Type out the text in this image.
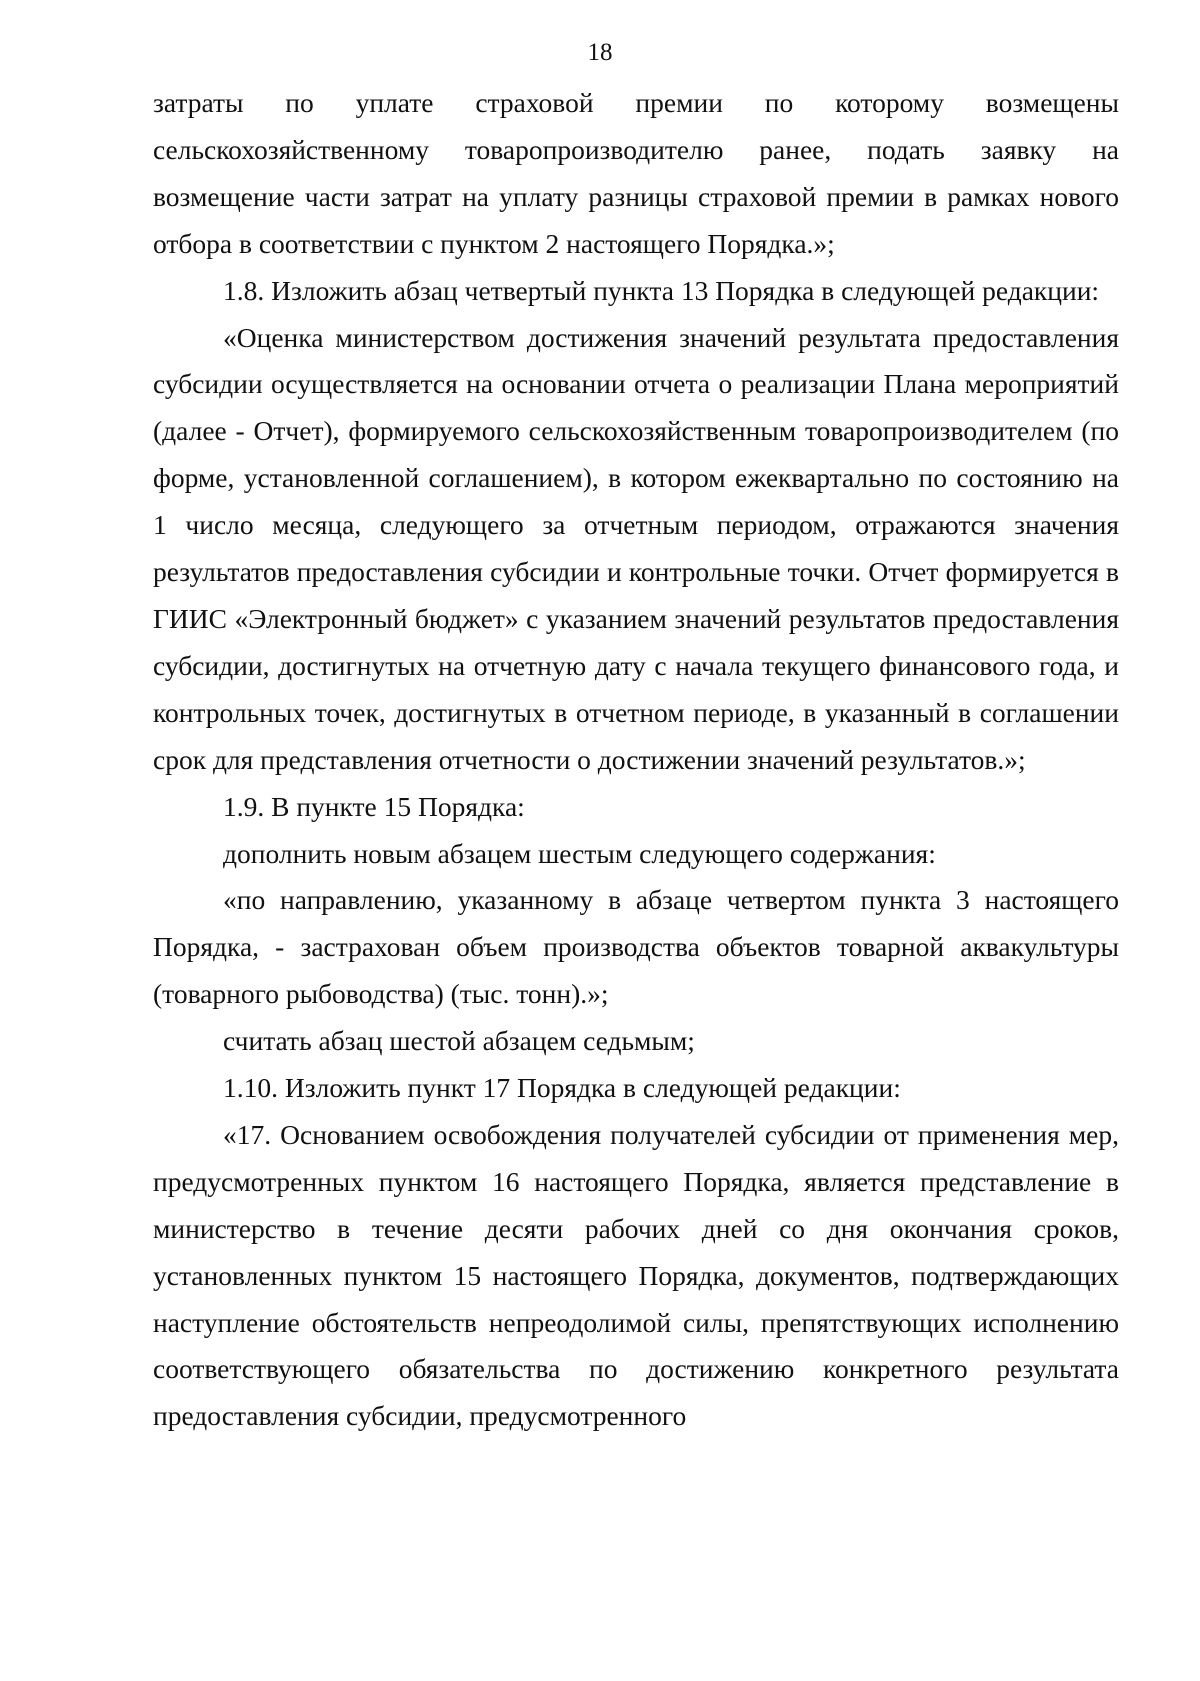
18

затраты по уплате страховой премии по которому возмещены сельскохозяйственному товаропроизводителю ранее, подать заявку на возмещение части затрат на уплату разницы страховой премии в рамках нового отбора в соответствии с пунктом 2 настоящего Порядка.»;

1.8. Изложить абзац четвертый пункта 13 Порядка в следующей редакции:

«Оценка министерством достижения значений результата предоставления субсидии осуществляется на основании отчета о реализации Плана мероприятий (далее - Отчет), формируемого сельскохозяйственным товаропроизводителем (по форме, установленной соглашением), в котором ежеквартально по состоянию на 1 число месяца, следующего за отчетным периодом, отражаются значения результатов предоставления субсидии и контрольные точки. Отчет формируется в ГИИС «Электронный бюджет» с указанием значений результатов предоставления субсидии, достигнутых на отчетную дату с начала текущего финансового года, и контрольных точек, достигнутых в отчетном периоде, в указанный в соглашении срок для представления отчетности о достижении значений результатов.»;

1.9. В пункте 15 Порядка:

дополнить новым абзацем шестым следующего содержания:

«по направлению, указанному в абзаце четвертом пункта 3 настоящего Порядка, - застрахован объем производства объектов товарной аквакультуры (товарного рыбоводства) (тыс. тонн).»;

считать абзац шестой абзацем седьмым;

1.10. Изложить пункт 17 Порядка в следующей редакции:

«17. Основанием освобождения получателей субсидии от применения мер, предусмотренных пунктом 16 настоящего Порядка, является представление в министерство в течение десяти рабочих дней со дня окончания сроков, установленных пунктом 15 настоящего Порядка, документов, подтверждающих наступление обстоятельств непреодолимой силы, препятствующих исполнению соответствующего обязательства по достижению конкретного результата предоставления субсидии, предусмотренного
